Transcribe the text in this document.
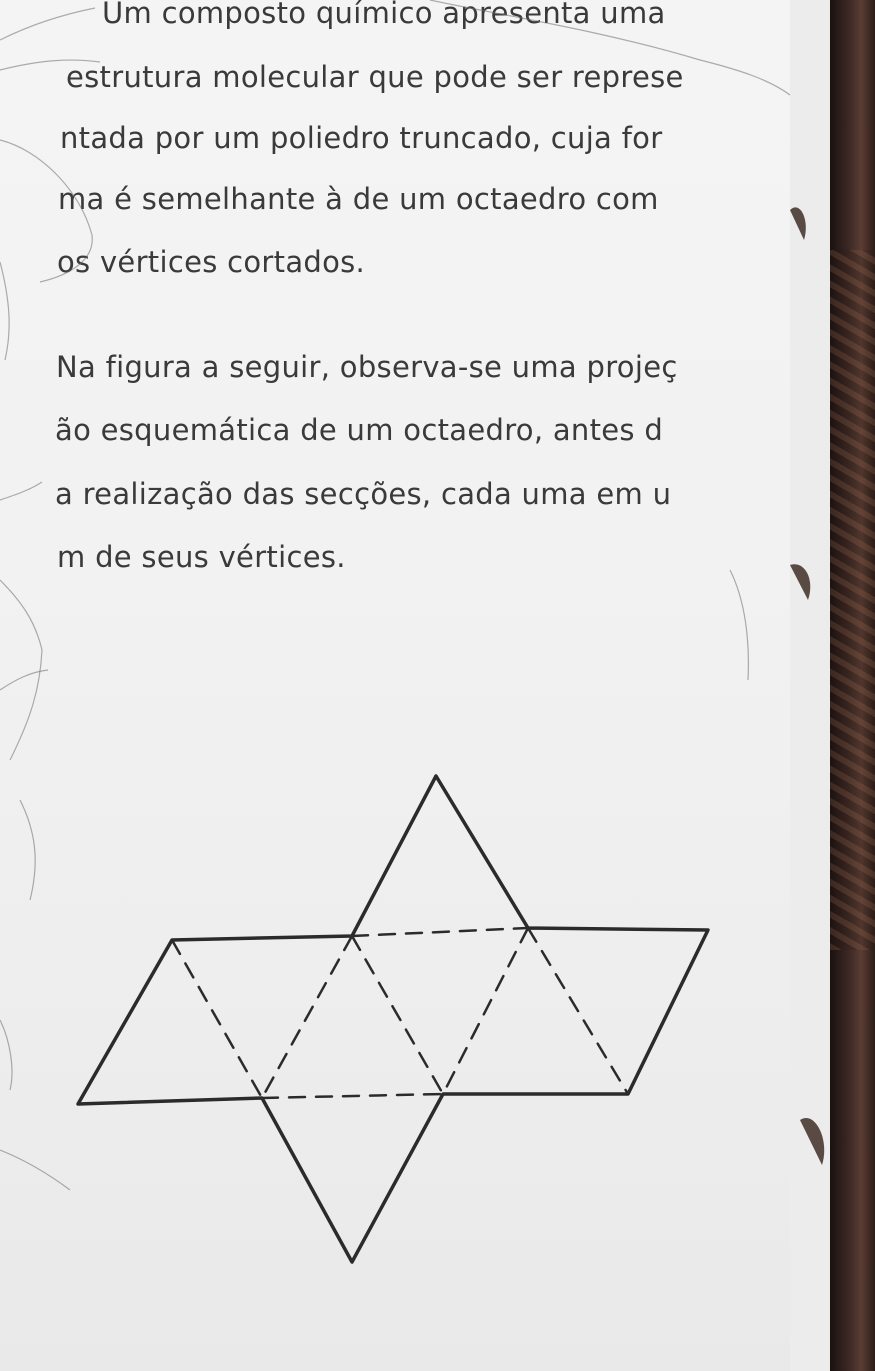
Um composto químico apresenta uma
estrutura molecular que pode ser represe
ntada por um poliedro truncado, cuja for
ma é semelhante à de um octaedro com
os vértices cortados.
Na figura a seguir, observa-se uma projeç
ão esquemática de um octaedro, antes d
a realização das secções, cada uma em u
m de seus vértices.
